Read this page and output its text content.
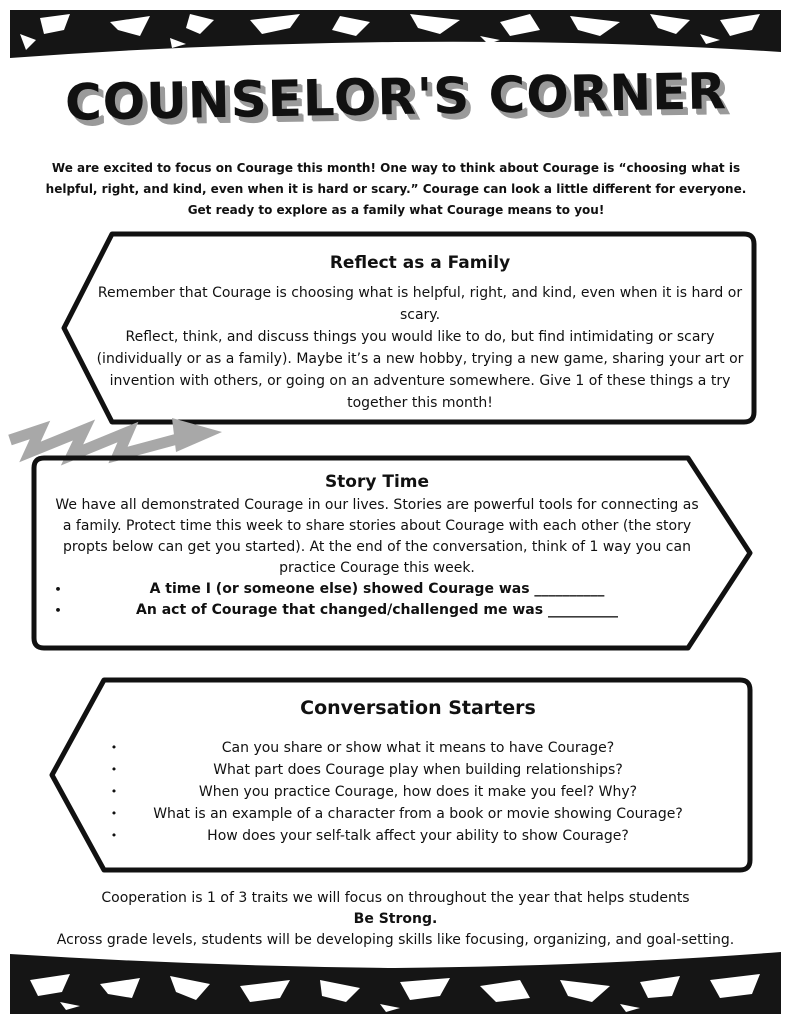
COUNSELOR'S CORNER
We are excited to focus on Courage this month! One way to think about Courage is “choosing what is helpful, right, and kind, even when it is hard or scary.” Courage can look a little different for everyone. Get ready to explore as a family what Courage means to you!
Reflect as a Family
Remember that Courage is choosing what is helpful, right, and kind, even when it is hard or scary.
Reflect, think, and discuss things you would like to do, but find intimidating or scary (individually or as a family). Maybe it’s a new hobby, trying a new game, sharing your art or invention with others, or going on an adventure somewhere. Give 1 of these things a try together this month!
Story Time
We have all demonstrated Courage in our lives. Stories are powerful tools for connecting as a family. Protect time this week to share stories about Courage with each other (the story propts below can get you started). At the end of the conversation, think of 1 way you can practice Courage this week.
•	A time I (or someone else) showed Courage was __________
•	An act of Courage that changed/challenged me was __________
Conversation Starters
•	Can you share or show what it means to have Courage?
•	What part does Courage play when building relationships?
•	When you practice Courage, how does it make you feel? Why?
•	What is an example of a character from a book or movie showing Courage?
•	How does your self-talk affect your ability to show Courage?
Cooperation is 1 of 3 traits we will focus on throughout the year that helps students
Be Strong.
Across grade levels, students will be developing skills like focusing, organizing, and goal-setting.
